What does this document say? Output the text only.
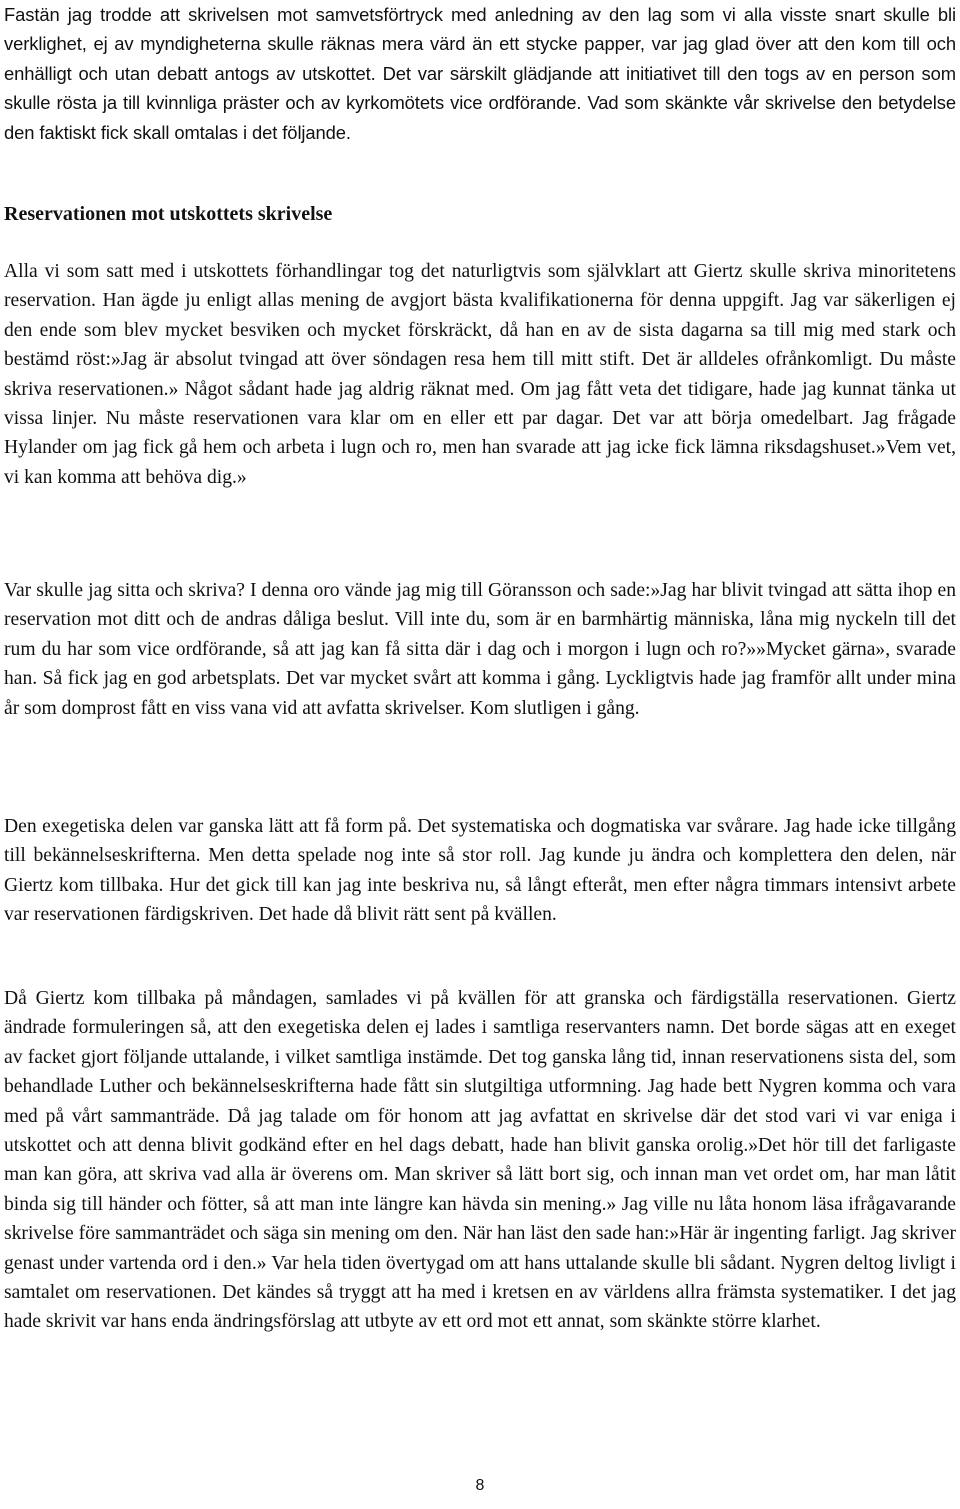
Fastän jag trodde att skrivelsen mot samvetsförtryck med anledning av den lag som vi alla visste snart skulle bli verklighet, ej av myndigheterna skulle räknas mera värd än ett stycke papper, var jag glad över att den kom till och enhälligt och utan debatt antogs av utskottet. Det var särskilt glädjande att initiativet till den togs av en person som skulle rösta ja till kvinnliga präster och av kyrkomötets vice ordförande. Vad som skänkte vår skrivelse den betydelse den faktiskt fick skall omtalas i det följande.

Reservationen mot utskottets skrivelse

Alla vi som satt med i utskottets förhandlingar tog det naturligtvis som självklart att Giertz skulle skriva minoritetens reservation. Han ägde ju enligt allas mening de avgjort bästa kvalifikationerna för denna uppgift. Jag var säkerligen ej den ende som blev mycket besviken och mycket förskräckt, då han en av de sista dagarna sa till mig med stark och bestämd röst:»Jag är absolut tvingad att över söndagen resa hem till mitt stift. Det är alldeles ofrånkomligt. Du måste skriva reservationen.» Något sådant hade jag aldrig räknat med. Om jag fått veta det tidigare, hade jag kunnat tänka ut vissa linjer. Nu måste reservationen vara klar om en eller ett par dagar. Det var att börja omedelbart. Jag frågade Hylander om jag fick gå hem och arbeta i lugn och ro, men han svarade att jag icke fick lämna riksdagshuset.»Vem vet, vi kan komma att behöva dig.»

Var skulle jag sitta och skriva? I denna oro vände jag mig till Göransson och sade:»Jag har blivit tvingad att sätta ihop en reservation mot ditt och de andras dåliga beslut. Vill inte du, som är en barmhärtig människa, låna mig nyckeln till det rum du har som vice ordförande, så att jag kan få sitta där i dag och i morgon i lugn och ro?»»Mycket gärna», svarade han. Så fick jag en god arbetsplats. Det var mycket svårt att komma i gång. Lyckligtvis hade jag framför allt under mina år som domprost fått en viss vana vid att avfatta skrivelser. Kom slutligen i gång.

Den exegetiska delen var ganska lätt att få form på. Det systematiska och dogmatiska var svårare. Jag hade icke tillgång till bekännelseskrifterna. Men detta spelade nog inte så stor roll. Jag kunde ju ändra och komplettera den delen, när Giertz kom tillbaka. Hur det gick till kan jag inte beskriva nu, så långt efteråt, men efter några timmars intensivt arbete var reservationen färdigskriven. Det hade då blivit rätt sent på kvällen.

Då Giertz kom tillbaka på måndagen, samlades vi på kvällen för att granska och färdigställa reservationen. Giertz ändrade formuleringen så, att den exegetiska delen ej lades i samtliga reservanters namn. Det borde sägas att en exeget av facket gjort följande uttalande, i vilket samtliga instämde. Det tog ganska lång tid, innan reservationens sista del, som behandlade Luther och bekännelseskrifterna hade fått sin slutgiltiga utformning. Jag hade bett Nygren komma och vara med på vårt sammanträde. Då jag talade om för honom att jag avfattat en skrivelse där det stod vari vi var eniga i utskottet och att denna blivit godkänd efter en hel dags debatt, hade han blivit ganska orolig.»Det hör till det farligaste man kan göra, att skriva vad alla är överens om. Man skriver så lätt bort sig, och innan man vet ordet om, har man låtit binda sig till händer och fötter, så att man inte längre kan hävda sin mening.» Jag ville nu låta honom läsa ifrågavarande skrivelse före sammanträdet och säga sin mening om den. När han läst den sade han:»Här är ingenting farligt. Jag skriver genast under vartenda ord i den.» Var hela tiden övertygad om att hans uttalande skulle bli sådant. Nygren deltog livligt i samtalet om reservationen. Det kändes så tryggt att ha med i kretsen en av världens allra främsta systematiker. I det jag hade skrivit var hans enda ändringsförslag att utbyte av ett ord mot ett annat, som skänkte större klarhet.

8
